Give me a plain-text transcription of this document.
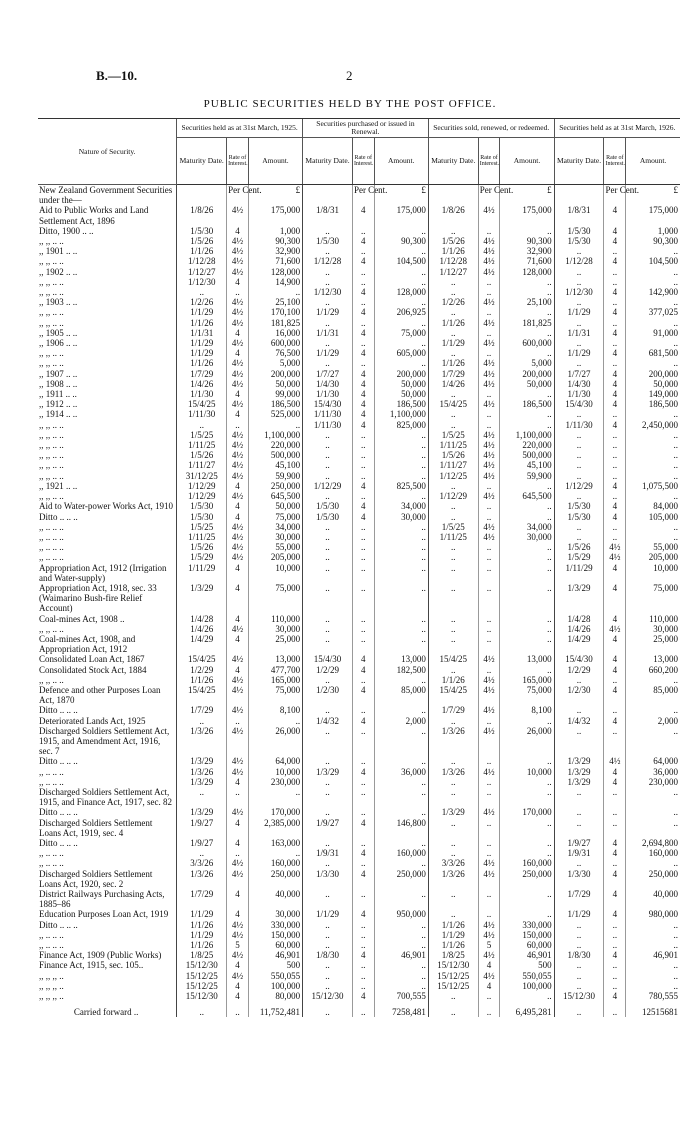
B.—10.	2
PUBLIC SECURITIES HELD BY THE POST OFFICE.
Nature of Security.	Securities held as at 31st March, 1925.			Securities purchased or issued in Renewal.			Securities sold, renewed, or redeemed.			Securities held as at 31st March, 1926.		
	Maturity Date.	Rate of Interest.	Amount.	Maturity Date.	Rate of Interest.	Amount.	Maturity Date.	Rate of Interest.	Amount.	Maturity Date.	Rate of Interest.	Amount.
New Zealand Government Securities under the—		Per Cent.	£		Per Cent.	£		Per Cent.	£		Per Cent.	£
Aid to Public Works and Land Settlement Act, 1896	1/8/26	4½	175,000	1/8/31	4	175,000	1/8/26	4½	175,000	1/8/31	4	175,000
Ditto, 1900 .. ..	1/5/30	4	1,000	..	..	..	..	..	..	1/5/30	4	1,000
,, ,, .. ..	1/5/26	4½	90,300	1/5/30	4	90,300	1/5/26	4½	90,300	1/5/30	4	90,300
,, 1901 .. ..	1/1/26	4½	32,900	..	..	..	1/1/26	4½	32,900	..	..	..
,, ,, .. ..	1/12/28	4½	71,600	1/12/28	4	104,500	1/12/28	4½	71,600	1/12/28	4	104,500
,, 1902 .. ..	1/12/27	4½	128,000	..	..	..	1/12/27	4½	128,000	..	..	..
,, ,, .. ..	1/12/30	4	14,900	..	..	..	..	..	..	..	..	..
,, ,, .. ..	..	..	..	1/12/30	4	128,000	..	..	..	1/12/30	4	142,900
,, 1903 .. ..	1/2/26	4½	25,100	..	..	..	1/2/26	4½	25,100	..	..	..
,, ,, .. ..	1/1/29	4½	170,100	1/1/29	4	206,925	..	..	..	1/1/29	4	377,025
,, ,, .. ..	1/1/26	4½	181,825	..	..	..	1/1/26	4½	181,825	..	..	..
,, 1905 .. ..	1/1/31	4	16,000	1/1/31	4	75,000	..	..	..	1/1/31	4	91,000
,, 1906 .. ..	1/1/29	4½	600,000	..	..	..	1/1/29	4½	600,000	..	..	..
,, ,, .. ..	1/1/29	4	76,500	1/1/29	4	605,000	..	..	..	1/1/29	4	681,500
,, ,, .. ..	1/1/26	4½	5,000	..	..	..	1/1/26	4½	5,000	..	..	..
,, 1907 .. ..	1/7/29	4½	200,000	1/7/27	4	200,000	1/7/29	4½	200,000	1/7/27	4	200,000
,, 1908 .. ..	1/4/26	4½	50,000	1/4/30	4	50,000	1/4/26	4½	50,000	1/4/30	4	50,000
,, 1911 .. ..	1/1/30	4	99,000	1/1/30	4	50,000	..	..	..	1/1/30	4	149,000
,, 1912 .. ..	15/4/25	4½	186,500	15/4/30	4	186,500	15/4/25	4½	186,500	15/4/30	4	186,500
,, 1914 .. ..	1/11/30	4	525,000	1/11/30	4	1,100,000	..	..	..	..	..	..
,, ,, .. ..	..	..	..	1/11/30	4	825,000	..	..	..	1/11/30	4	2,450,000
,, ,, .. ..	1/5/25	4½	1,100,000	..	..	..	1/5/25	4½	1,100,000	..	..	..
,, ,, .. ..	1/11/25	4½	220,000	..	..	..	1/11/25	4½	220,000	..	..	..
,, ,, .. ..	1/5/26	4½	500,000	..	..	..	1/5/26	4½	500,000	..	..	..
,, ,, .. ..	1/11/27	4½	45,100	..	..	..	1/11/27	4½	45,100	..	..	..
,, ,, .. ..	31/12/25	4½	59,900	..	..	..	1/12/25	4½	59,900	..	..	..
,, 1921 .. ..	1/12/29	4	250,000	1/12/29	4	825,500	..	..	..	1/12/29	4	1,075,500
,, ,, .. ..	1/12/29	4½	645,500	..	..	..	1/12/29	4½	645,500	..	..	..
Aid to Water-power Works Act, 1910	1/5/30	4	50,000	1/5/30	4	34,000	..	..	..	1/5/30	4	84,000
Ditto .. .. ..	1/5/30	4	75,000	1/5/30	4	30,000	..	..	..	1/5/30	4	105,000
,, .. .. ..	1/5/25	4½	34,000	..	..	..	1/5/25	4½	34,000	..	..	..
,, .. .. ..	1/11/25	4½	30,000	..	..	..	1/11/25	4½	30,000	..	..	..
,, .. .. ..	1/5/26	4½	55,000	..	..	..	..	..	..	1/5/26	4½	55,000
,, .. .. ..	1/5/29	4½	205,000	..	..	..	..	..	..	1/5/29	4½	205,000
Appropriation Act, 1912 (Irrigation and Water-supply)	1/11/29	4	10,000	..	..	..	..	..	..	1/11/29	4	10,000
Appropriation Act, 1918, sec. 33 (Waimarino Bush-fire Relief Account)	1/3/29	4	75,000	..	..	..	..	..	..	1/3/29	4	75,000
Coal-mines Act, 1908 ..	1/4/28	4	110,000	..	..	..	..	..	..	1/4/28	4	110,000
,, ,, .. ..	1/4/26	4½	30,000	..	..	..	..	..	..	1/4/26	4½	30,000
Coal-mines Act, 1908, and Appropriation Act, 1912	1/4/29	4	25,000	..	..	..	..	..	..	1/4/29	4	25,000
Consolidated Loan Act, 1867	15/4/25	4½	13,000	15/4/30	4	13,000	15/4/25	4½	13,000	15/4/30	4	13,000
Consolidated Stock Act, 1884	1/2/29	4	477,700	1/2/29	4	182,500	..	..	..	1/2/29	4	660,200
,, ,, .. ..	1/1/26	4½	165,000	..	..	..	1/1/26	4½	165,000	..	..	..
Defence and other Purposes Loan Act, 1870	15/4/25	4½	75,000	1/2/30	4	85,000	15/4/25	4½	75,000	1/2/30	4	85,000
Ditto .. .. ..	1/7/29	4½	8,100	..	..	..	1/7/29	4½	8,100	..	..	..
Deteriorated Lands Act, 1925	..	..	..	1/4/32	4	2,000	..	..	..	1/4/32	4	2,000
Discharged Soldiers Settlement Act, 1915, and Amendment Act, 1916, sec. 7	1/3/26	4½	26,000	..	..	..	1/3/26	4½	26,000	..	..	..
Ditto .. .. ..	1/3/29	4½	64,000	..	..	..	..	..	..	1/3/29	4½	64,000
,, .. .. ..	1/3/26	4½	10,000	1/3/29	4	36,000	1/3/26	4½	10,000	1/3/29	4	36,000
,, .. .. ..	1/3/29	4	230,000	..	..	..	..	..	..	1/3/29	4	230,000
Discharged Soldiers Settlement Act, 1915, and Finance Act, 1917, sec. 82	..	..	..	..	..	..	..	..	..	..	..	..
Ditto .. .. ..	1/3/29	4½	170,000	..	..	..	1/3/29	4½	170,000	..	..	..
Discharged Soldiers Settlement Loans Act, 1919, sec. 4	1/9/27	4	2,385,000	1/9/27	4	146,800	..	..	..	..	..	..
Ditto .. .. ..	1/9/27	4	163,000	..	..	..	..	..	..	1/9/27	4	2,694,800
,, .. .. ..	..	..	..	1/9/31	4	160,000	..	..	..	1/9/31	4	160,000
,, .. .. ..	3/3/26	4½	160,000	..	..	..	3/3/26	4½	160,000	..	..	..
Discharged Soldiers Settlement Loans Act, 1920, sec. 2	1/3/26	4½	250,000	1/3/30	4	250,000	1/3/26	4½	250,000	1/3/30	4	250,000
District Railways Purchasing Acts, 1885–86	1/7/29	4	40,000	..	..	..	..	..	..	1/7/29	4	40,000
Education Purposes Loan Act, 1919	1/1/29	4	30,000	1/1/29	4	950,000	..	..	..	1/1/29	4	980,000
Ditto .. .. ..	1/1/26	4½	330,000	..	..	..	1/1/26	4½	330,000	..	..	..
,, .. .. ..	1/1/29	4½	150,000	..	..	..	1/1/29	4½	150,000	..	..	..
,, .. .. ..	1/1/26	5	60,000	..	..	..	1/1/26	5	60,000	..	..	..
Finance Act, 1909 (Public Works)	1/8/25	4½	46,901	1/8/30	4	46,901	1/8/25	4½	46,901	1/8/30	4	46,901
Finance Act, 1915, sec. 105..	15/12/30	4	500	..	..	..	15/12/30	4	500	..	..	..
,, ,, ,, ..	15/12/25	4½	550,055	..	..	..	15/12/25	4½	550,055	..	..	..
,, ,, ,, ..	15/12/25	4	100,000	..	..	..	15/12/25	4	100,000	..	..	..
,, ,, ,, ..	15/12/30	4	80,000	15/12/30	4	700,555	..	..	..	15/12/30	4	780,555
Carried forward ..	..	..	11,752,481	..	..	7258,481	..	..	6,495,281	..	..	12515681
